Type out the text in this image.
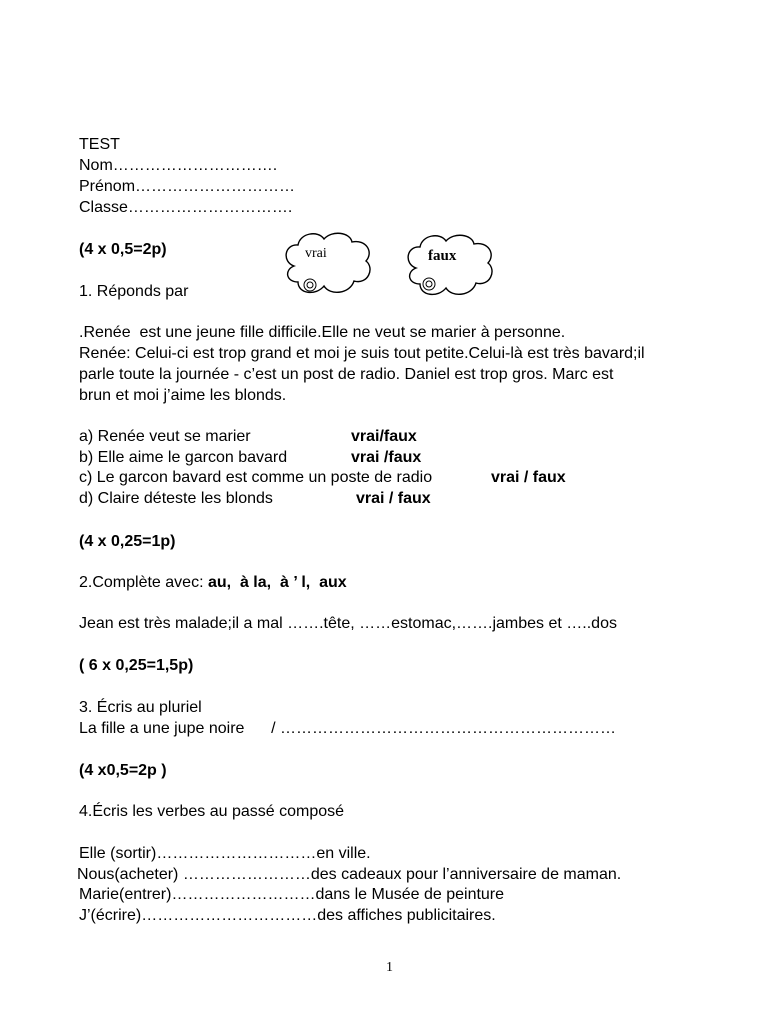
TEST
Nom………………………….
Prénom…………………………
Classe………………………….
(4 x 0,5=2p)	vrai	faux
1. Réponds par
.Renée  est une jeune fille difficile.Elle ne veut se marier à personne.
Renée: Celui-ci est trop grand et moi je suis tout petite.Celui-là est très bavard;il
parle toute la journée - c’est un post de radio. Daniel est trop gros. Marc est
brun et moi j’aime les blonds.
a) Renée veut se marier	vrai/faux
b) Elle aime le garcon bavard	vrai /faux
c) Le garcon bavard est comme un poste de radio	vrai / faux
d) Claire déteste les blonds	vrai / faux
(4 x 0,25=1p)
2.Complète avec: au,  à la,  à ’ l,  aux
Jean est très malade;il a mal …….tête, ……estomac,…….jambes et …..dos
( 6 x 0,25=1,5p)
3. Écris au pluriel
La fille a une jupe noire      / ………………………………………………………
(4 x0,5=2p )
4.Écris les verbes au passé composé
Elle (sortir)…………………………en ville.
Nous(acheter) ……………………des cadeaux pour l’anniversaire de maman.
Marie(entrer)………………………dans le Musée de peinture
J’(écrire)……………………………des affiches publicitaires.
1
